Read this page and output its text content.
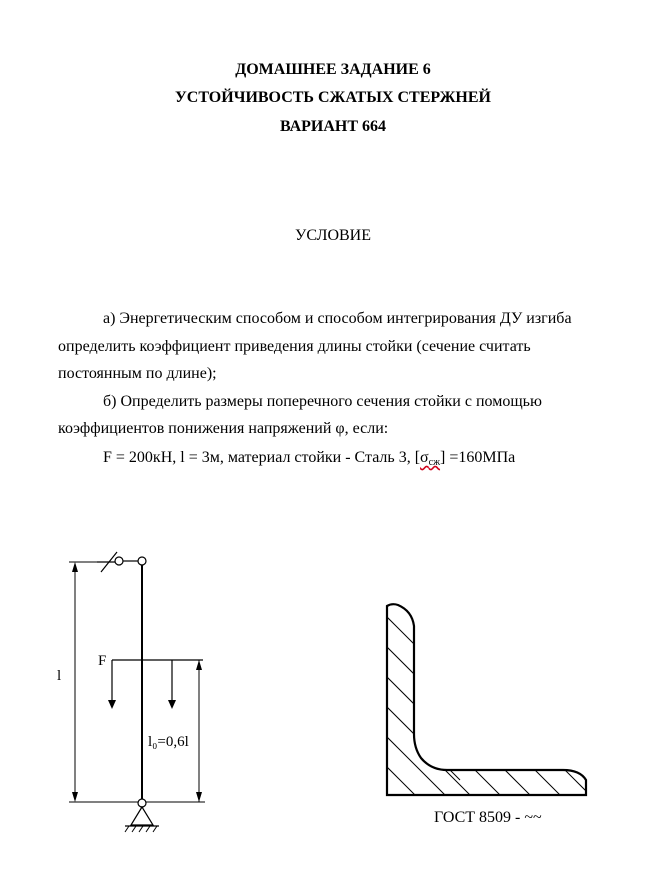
ДОМАШНЕЕ ЗАДАНИЕ 6
УСТОЙЧИВОСТЬ СЖАТЫХ СТЕРЖНЕЙ
ВАРИАНТ 664
УСЛОВИЕ
а) Энергетическим способом и способом интегрирования ДУ изгиба
определить коэффициент приведения длины стойки (сечение считать
постоянным по длине);
б) Определить размеры поперечного сечения стойки с помощью
коэффициентов понижения напряжений φ, если:
F = 200кН, l = 3м, материал стойки - Сталь 3, [σсж] =160МПа
F
l
l₀=0,6l
ГОСТ 8509 - ~~
